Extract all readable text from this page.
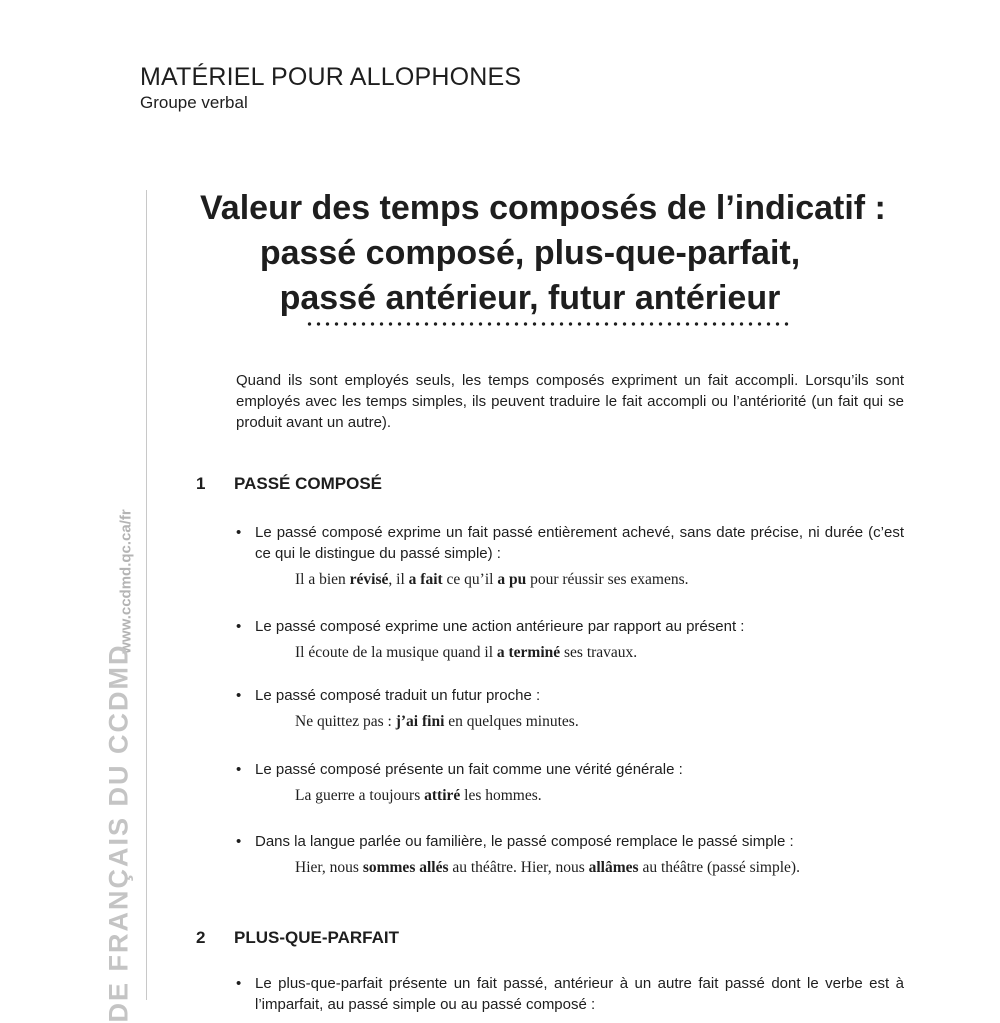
MATÉRIEL POUR ALLOPHONES
Groupe verbal
www.ccdmd.qc.ca/fr
DE FRANÇAIS DU CCDMD
Valeur des temps composés de l’indicatif :
passé composé, plus-que-parfait,
passé antérieur, futur antérieur
Quand ils sont employés seuls, les temps composés expriment un fait accompli. Lorsqu’ils sont employés avec les temps simples, ils peuvent traduire le fait accompli ou l’antériorité (un fait qui se produit avant un autre).
1 PASSÉ COMPOSÉ
• Le passé composé exprime un fait passé entièrement achevé, sans date précise, ni durée (c’est ce qui le distingue du passé simple) :
Il a bien révisé, il a fait ce qu’il a pu pour réussir ses examens.
• Le passé composé exprime une action antérieure par rapport au présent :
Il écoute de la musique quand il a terminé ses travaux.
• Le passé composé traduit un futur proche :
Ne quittez pas : j’ai fini en quelques minutes.
• Le passé composé présente un fait comme une vérité générale :
La guerre a toujours attiré les hommes.
• Dans la langue parlée ou familière, le passé composé remplace le passé simple :
Hier, nous sommes allés au théâtre. Hier, nous allâmes au théâtre (passé simple).
2 PLUS-QUE-PARFAIT
• Le plus-que-parfait présente un fait passé, antérieur à un autre fait passé dont le verbe est à l’imparfait, au passé simple ou au passé composé :
